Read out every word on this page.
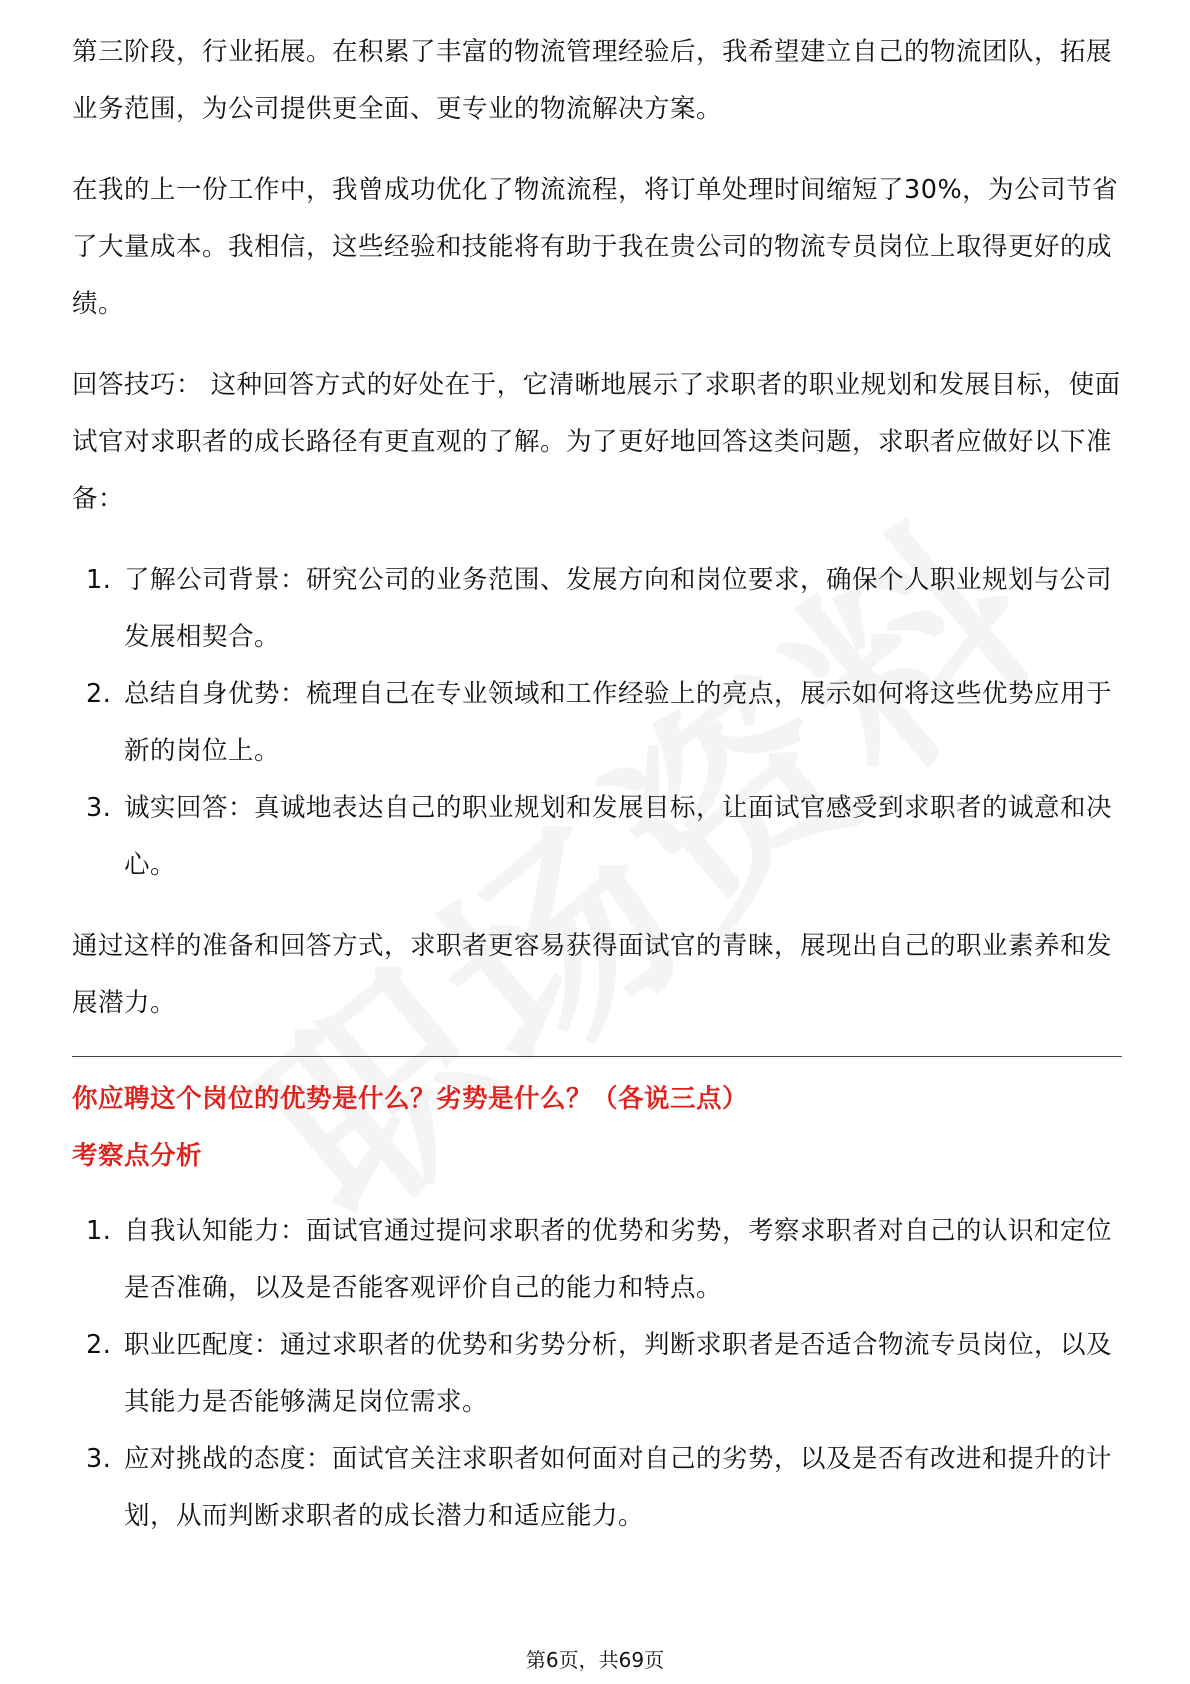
第三阶段，行业拓展。在积累了丰富的物流管理经验后，我希望建立自己的物流团队，拓展业务范围，为公司提供更全面、更专业的物流解决方案。

在我的上一份工作中，我曾成功优化了物流流程，将订单处理时间缩短了30%，为公司节省了大量成本。我相信，这些经验和技能将有助于我在贵公司的物流专员岗位上取得更好的成绩。

回答技巧： 这种回答方式的好处在于，它清晰地展示了求职者的职业规划和发展目标，使面试官对求职者的成长路径有更直观的了解。为了更好地回答这类问题，求职者应做好以下准备：

1. 了解公司背景：研究公司的业务范围、发展方向和岗位要求，确保个人职业规划与公司发展相契合。
2. 总结自身优势：梳理自己在专业领域和工作经验上的亮点，展示如何将这些优势应用于新的岗位上。
3. 诚实回答：真诚地表达自己的职业规划和发展目标，让面试官感受到求职者的诚意和决心。

通过这样的准备和回答方式，求职者更容易获得面试官的青睐，展现出自己的职业素养和发展潜力。

你应聘这个岗位的优势是什么？劣势是什么？（各说三点）

考察点分析

1. 自我认知能力：面试官通过提问求职者的优势和劣势，考察求职者对自己的认识和定位是否准确，以及是否能客观评价自己的能力和特点。
2. 职业匹配度：通过求职者的优势和劣势分析，判断求职者是否适合物流专员岗位，以及其能力是否能够满足岗位需求。
3. 应对挑战的态度：面试官关注求职者如何面对自己的劣势，以及是否有改进和提升的计划，从而判断求职者的成长潜力和适应能力。
第6页，共69页
